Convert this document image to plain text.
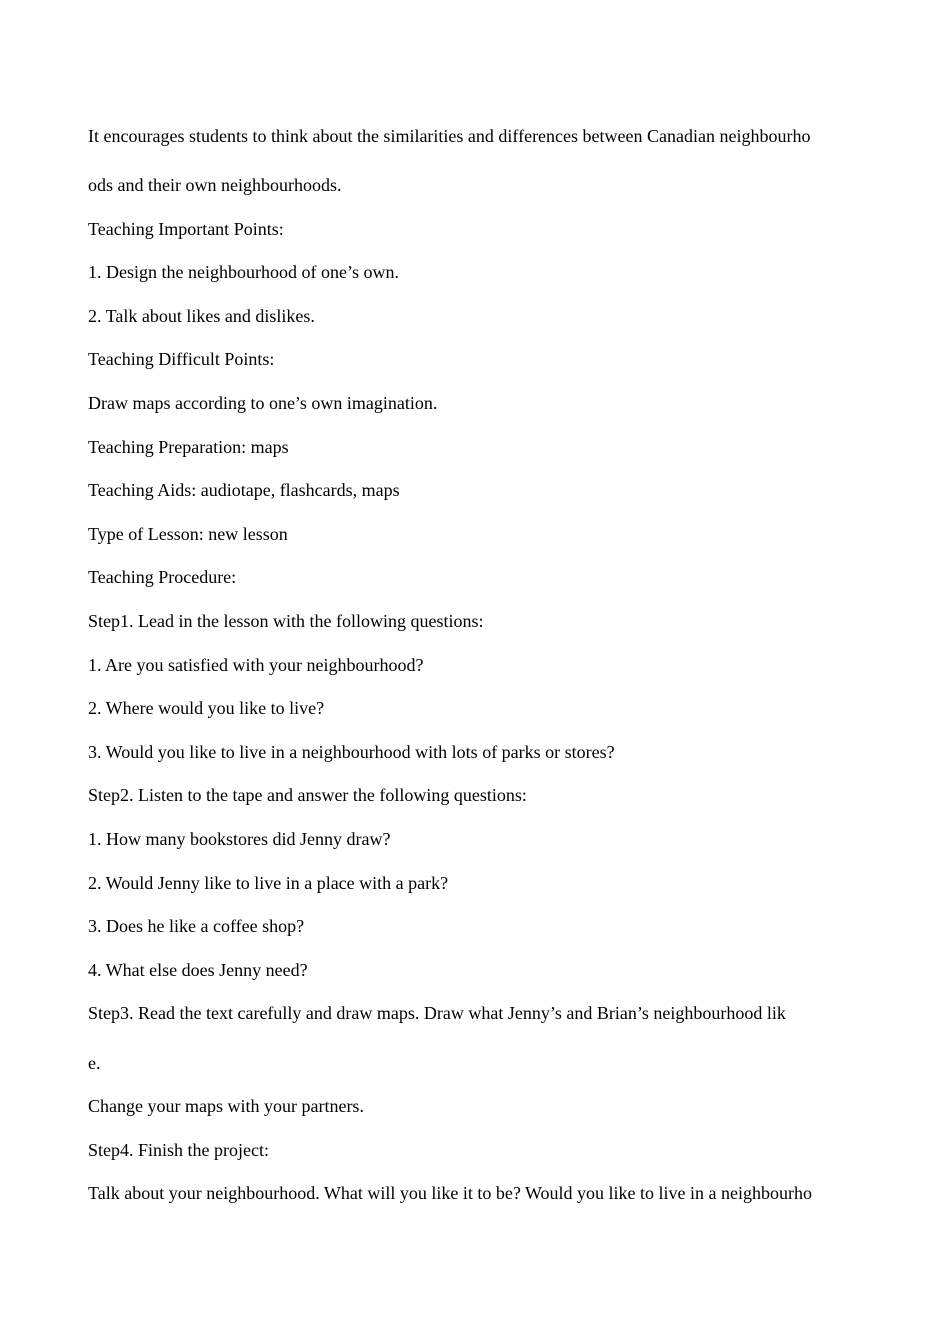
It encourages students to think about the similarities and differences between Canadian neighbourho
ods and their own neighbourhoods.
Teaching Important Points:
1. Design the neighbourhood of one’s own.
2. Talk about likes and dislikes.
Teaching Difficult Points:
Draw maps according to one’s own imagination.
Teaching Preparation: maps
Teaching Aids: audiotape, flashcards, maps
Type of Lesson: new lesson
Teaching Procedure:
Step1. Lead in the lesson with the following questions:
1. Are you satisfied with your neighbourhood?
2. Where would you like to live?
3. Would you like to live in a neighbourhood with lots of parks or stores?
Step2. Listen to the tape and answer the following questions:
1. How many bookstores did Jenny draw?
2. Would Jenny like to live in a place with a park?
3. Does he like a coffee shop?
4. What else does Jenny need?
Step3. Read the text carefully and draw maps. Draw what Jenny’s and Brian’s neighbourhood lik
e.
Change your maps with your partners.
Step4. Finish the project:
Talk about your neighbourhood. What will you like it to be? Would you like to live in a neighbourho
